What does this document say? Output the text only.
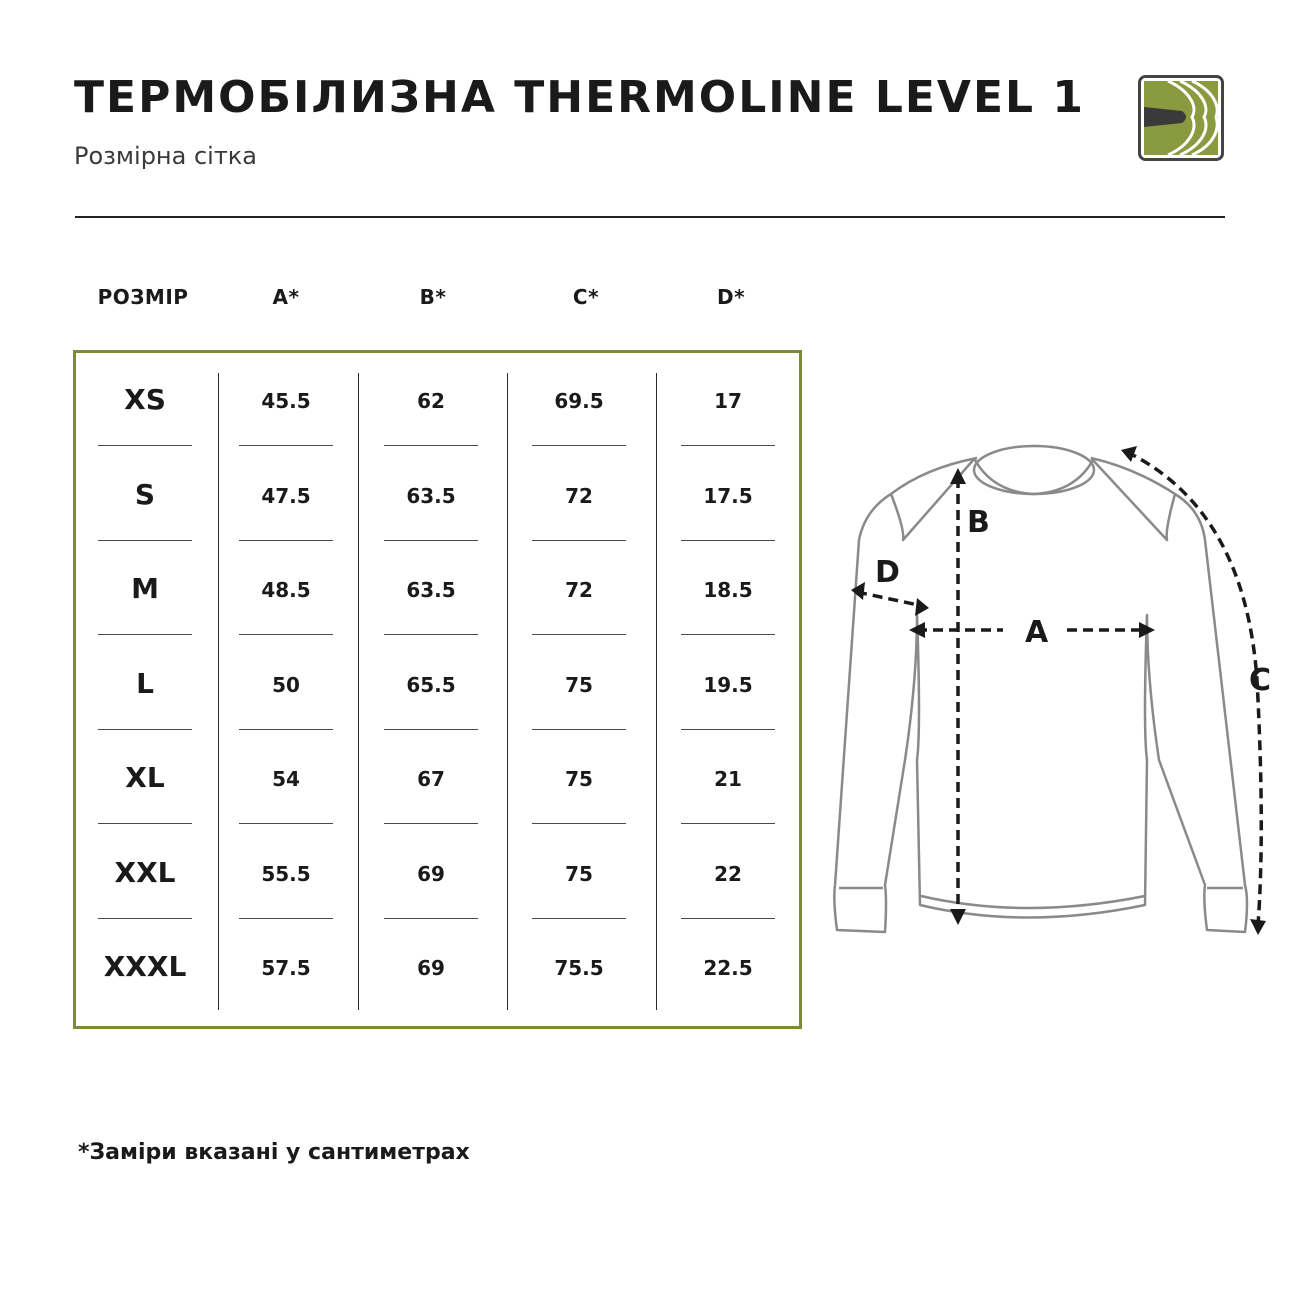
ТЕРМОБІЛИЗНА THERMOLINE LEVEL 1
Розмірна сітка
РОЗМІР	A*	B*	C*	D*
XS	45.5	62	69.5	17
S	47.5	63.5	72	17.5
M	48.5	63.5	72	18.5
L	50	65.5	75	19.5
XL	54	67	75	21
XXL	55.5	69	75	22
XXXL	57.5	69	75.5	22.5
B
A
C
D
*Заміри вказані у сантиметрах
